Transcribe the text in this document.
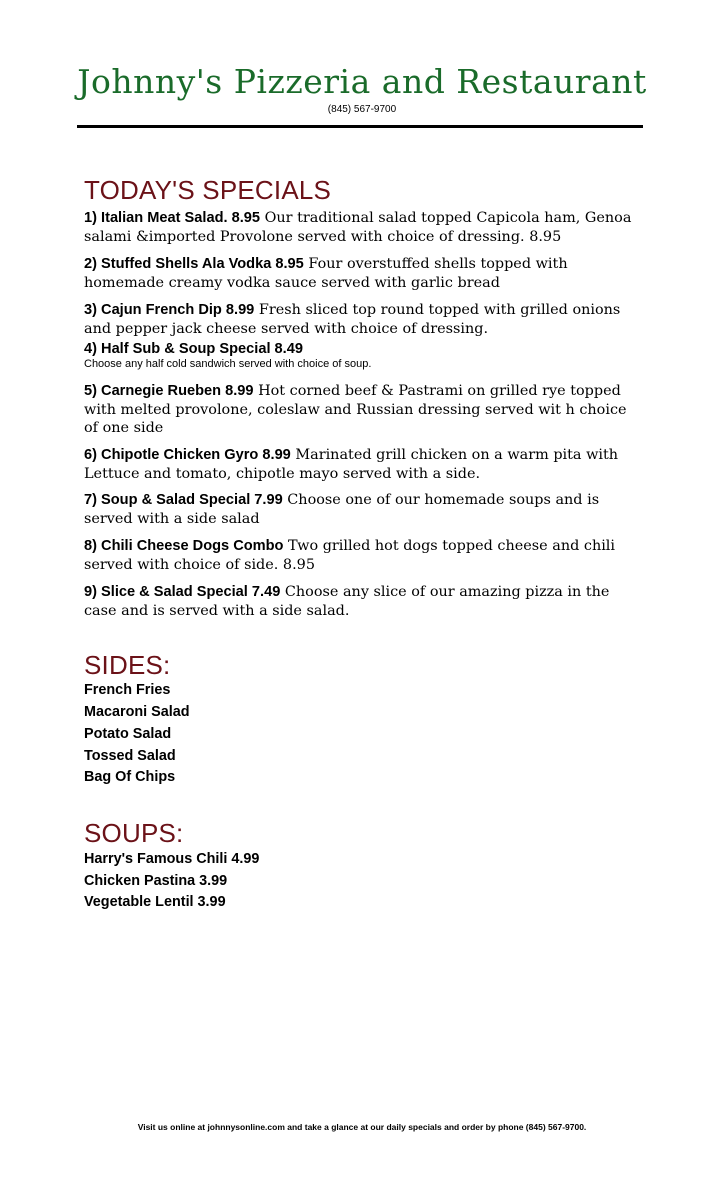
Johnny's Pizzeria and Restaurant
(845) 567-9700
TODAY'S SPECIALS
1) Italian Meat Salad. 8.95 Our traditional salad topped Capicola ham, Genoa salami &imported Provolone served with choice of dressing. 8.95
2) Stuffed Shells Ala Vodka 8.95 Four overstuffed shells topped with homemade creamy vodka sauce served with garlic bread
3) Cajun French Dip 8.99 Fresh sliced top round topped with grilled onions and pepper jack cheese served with choice of dressing.
4) Half Sub & Soup Special 8.49
Choose any half cold sandwich served with choice of soup.
5) Carnegie Rueben 8.99 Hot corned beef & Pastrami on grilled rye topped with melted provolone, coleslaw and Russian dressing served wit h choice of one side
6) Chipotle Chicken Gyro 8.99 Marinated grill chicken on a warm pita with Lettuce and tomato, chipotle mayo served with a side.
7) Soup & Salad Special 7.99 Choose one of our homemade soups and is served with a side salad
8) Chili Cheese Dogs Combo Two grilled hot dogs topped cheese and chili served with choice of side. 8.95
9) Slice & Salad Special 7.49 Choose any slice of our amazing pizza in the case and is served with a side salad.
SIDES:
French Fries
Macaroni Salad
Potato Salad
Tossed Salad
Bag Of Chips
SOUPS:
Harry's Famous Chili 4.99
Chicken Pastina 3.99
Vegetable Lentil 3.99
Visit us online at johnnysonline.com and take a glance at our daily specials and order by phone (845) 567-9700.
